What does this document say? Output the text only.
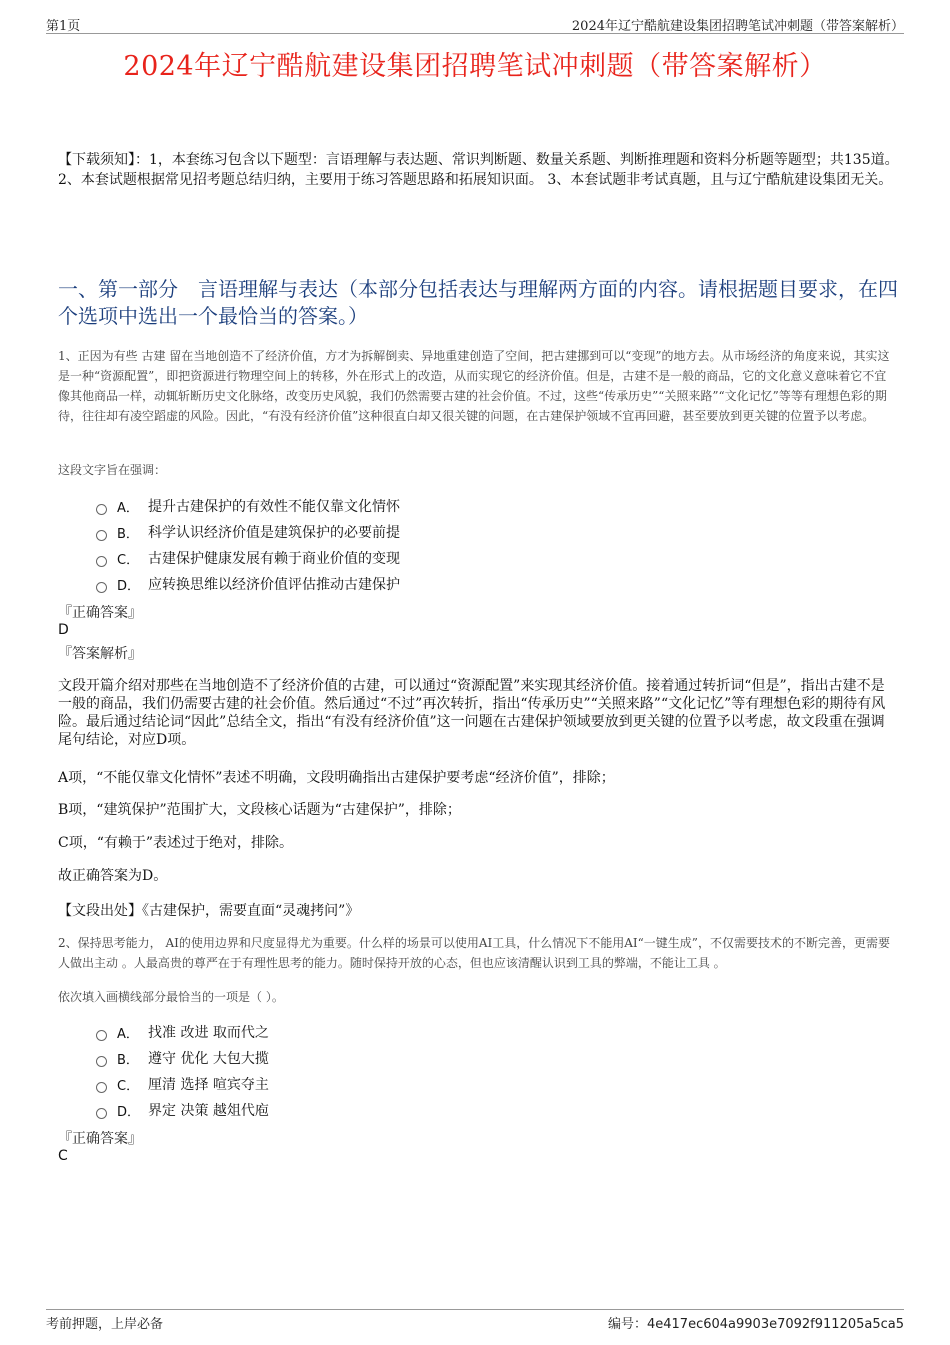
第1页	2024年辽宁酷航建设集团招聘笔试冲刺题（带答案解析）
2024年辽宁酷航建设集团招聘笔试冲刺题（带答案解析）
【下载须知】：1，本套练习包含以下题型：言语理解与表达题、常识判断题、数量关系题、判断推理题和资料分析题等题型；共135道。 2、本套试题根据常见招考题总结归纳，主要用于练习答题思路和拓展知识面。 3、本套试题非考试真题，且与辽宁酷航建设集团无关。
一、第一部分　言语理解与表达（本部分包括表达与理解两方面的内容。请根据题目要求，在四个选项中选出一个最恰当的答案。）
1、正因为有些 古建 留在当地创造不了经济价值，方才为拆解倒卖、异地重建创造了空间，把古建挪到可以“变现”的地方去。从市场经济的角度来说，其实这是一种“资源配置”，即把资源进行物理空间上的转移，外在形式上的改造，从而实现它的经济价值。但是，古建不是一般的商品，它的文化意义意味着它不宜像其他商品一样，动辄斩断历史文化脉络，改变历史风貌，我们仍然需要古建的社会价值。不过，这些“传承历史”“关照来路”“文化记忆”等等有理想色彩的期待，往往却有凌空蹈虚的风险。因此，“有没有经济价值”这种很直白却又很关键的问题，在古建保护领域不宜再回避，甚至要放到更关键的位置予以考虑。
这段文字旨在强调：
A． 提升古建保护的有效性不能仅靠文化情怀
B． 科学认识经济价值是建筑保护的必要前提
C． 古建保护健康发展有赖于商业价值的变现
D． 应转换思维以经济价值评估推动古建保护
『正确答案』
D
『答案解析』
文段开篇介绍对那些在当地创造不了经济价值的古建，可以通过“资源配置”来实现其经济价值。接着通过转折词“但是”，指出古建不是一般的商品，我们仍需要古建的社会价值。然后通过“不过”再次转折，指出“传承历史”“关照来路”“文化记忆”等有理想色彩的期待有风险。最后通过结论词“因此”总结全文，指出“有没有经济价值”这一问题在古建保护领域要放到更关键的位置予以考虑，故文段重在强调尾句结论，对应D项。
A项，“不能仅靠文化情怀”表述不明确，文段明确指出古建保护要考虑“经济价值”，排除；
B项，“建筑保护”范围扩大，文段核心话题为“古建保护”，排除；
C项，“有赖于”表述过于绝对，排除。
故正确答案为D。
【文段出处】《古建保护，需要直面“灵魂拷问”》
2、保持思考能力， AI的使用边界和尺度显得尤为重要。什么样的场景可以使用AI工具，什么情况下不能用AI“一键生成”，不仅需要技术的不断完善，更需要人做出主动 。人最高贵的尊严在于有理性思考的能力。随时保持开放的心态，但也应该清醒认识到工具的弊端，不能让工具 。
依次填入画横线部分最恰当的一项是（ ）。
A． 找准 改进 取而代之
B． 遵守 优化 大包大揽
C． 厘清 选择 喧宾夺主
D． 界定 决策 越俎代庖
『正确答案』
C
考前押题，上岸必备	编号：4e417ec604a9903e7092f911205a5ca5
